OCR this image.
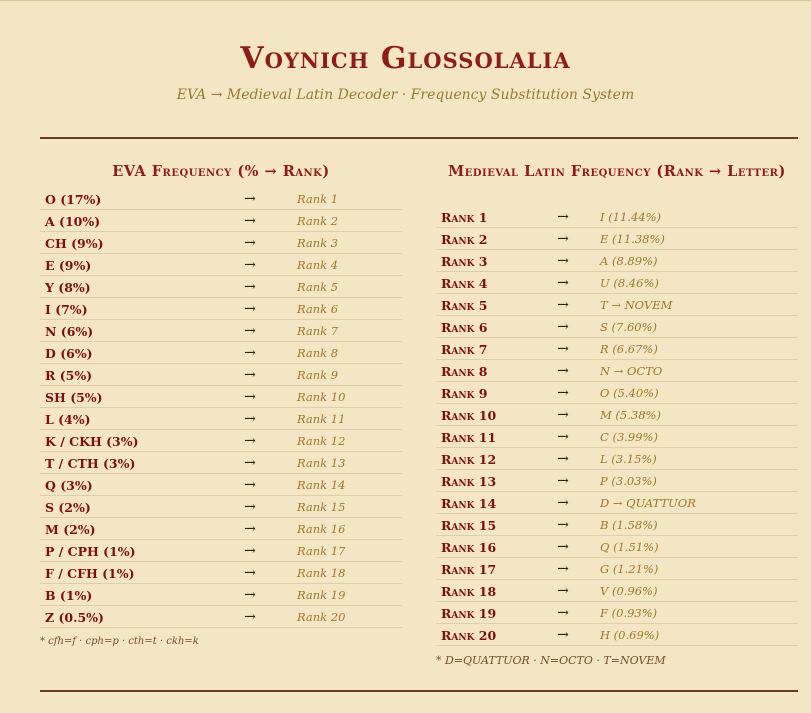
Voynich Glossolalia
EVA → Medieval Latin Decoder · Frequency Substitution System
EVA Frequency (% → Rank)
O (17%)	→	Rank 1
A (10%)	→	Rank 2
CH (9%)	→	Rank 3
E (9%)	→	Rank 4
Y (8%)	→	Rank 5
I (7%)	→	Rank 6
N (6%)	→	Rank 7
D (6%)	→	Rank 8
R (5%)	→	Rank 9
SH (5%)	→	Rank 10
L (4%)	→	Rank 11
K / CKH (3%)	→	Rank 12
T / CTH (3%)	→	Rank 13
Q (3%)	→	Rank 14
S (2%)	→	Rank 15
M (2%)	→	Rank 16
P / CPH (1%)	→	Rank 17
F / CFH (1%)	→	Rank 18
B (1%)	→	Rank 19
Z (0.5%)	→	Rank 20
* cfh=f · cph=p · cth=t · ckh=k
Medieval Latin Frequency (Rank → Letter)
Rank 1	→	I (11.44%)
Rank 2	→	E (11.38%)
Rank 3	→	A (8.89%)
Rank 4	→	U (8.46%)
Rank 5	→	T → NOVEM
Rank 6	→	S (7.60%)
Rank 7	→	R (6.67%)
Rank 8	→	N → OCTO
Rank 9	→	O (5.40%)
Rank 10	→	M (5.38%)
Rank 11	→	C (3.99%)
Rank 12	→	L (3.15%)
Rank 13	→	P (3.03%)
Rank 14	→	D → QUATTUOR
Rank 15	→	B (1.58%)
Rank 16	→	Q (1.51%)
Rank 17	→	G (1.21%)
Rank 18	→	V (0.96%)
Rank 19	→	F (0.93%)
Rank 20	→	H (0.69%)
* D=QUATTUOR · N=OCTO · T=NOVEM
